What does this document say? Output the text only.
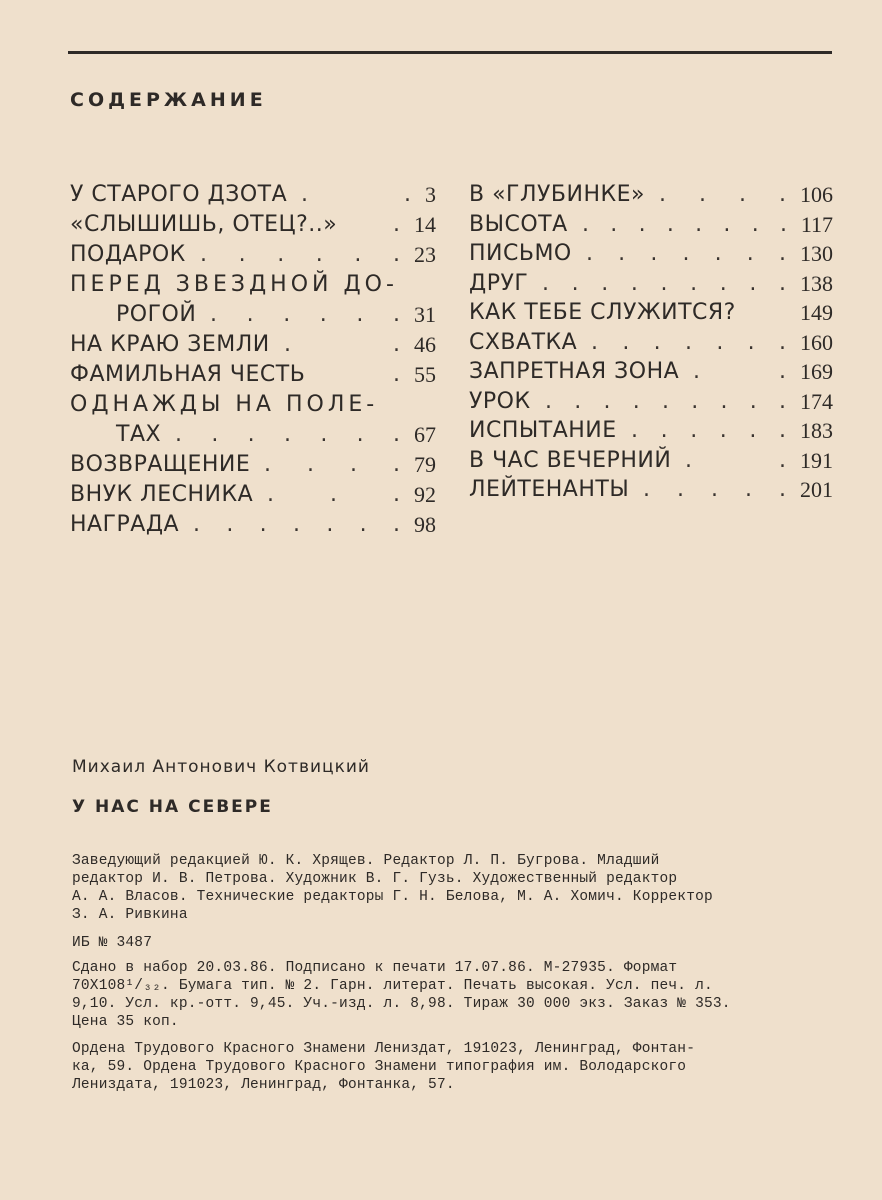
СОДЕРЖАНИЕ
У СТАРОГО ДЗОТА .	. 3
«СЛЫШИШЬ, ОТЕЦ?..»	. 14
ПОДАРОК . . . . . . 23
ПЕРЕД ЗВЕЗДНОЙ ДО-
РОГОЙ . . . . . . 31
НА КРАЮ ЗЕМЛИ .	. 46
ФАМИЛЬНАЯ ЧЕСТЬ	. 55
ОДНАЖДЫ НА ПОЛЕ-
ТАХ . . . . . . . 67
ВОЗВРАЩЕНИЕ . . . . 79
ВНУК ЛЕСНИКА .	.	. 92
НАГРАДА . . . . . . . 98
В «ГЛУБИНКЕ» . . . . 106
ВЫСОТА . . . . . . . . 117
ПИСЬМО . . . . . . . 130
ДРУГ . . . . . . . . . 138
КАК ТЕБЕ СЛУЖИТСЯ?	149
СХВАТКА . . . . . . . 160
ЗАПРЕТНАЯ ЗОНА .	. 169
УРОК . . . . . . . . . 174
ИСПЫТАНИЕ . . . . . . 183
В ЧАС ВЕЧЕРНИЙ .	. 191
ЛЕЙТЕНАНТЫ . . . . . 201
Михаил Антонович Котвицкий
У НАС НА СЕВЕРЕ
Заведующий редакцией Ю. К. Хрящев. Редактор Л. П. Бугрова. Младший
редактор И. В. Петрова. Художник В. Г. Гузь. Художественный редактор
А. А. Власов. Технические редакторы Г. Н. Белова, М. А. Хомич. Корректор
З. А. Ривкина
ИБ № 3487
Сдано в набор 20.03.86. Подписано к печати 17.07.86. М-27935. Формат
70Х108¹/₃₂. Бумага тип. № 2. Гарн. литерат. Печать высокая. Усл. печ. л.
9,10. Усл. кр.-отт. 9,45. Уч.-изд. л. 8,98. Тираж 30 000 экз. Заказ № 353.
Цена 35 коп.
Ордена Трудового Красного Знамени Лениздат, 191023, Ленинград, Фонтан-
ка, 59. Ордена Трудового Красного Знамени типография им. Володарского
Лениздата, 191023, Ленинград, Фонтанка, 57.
